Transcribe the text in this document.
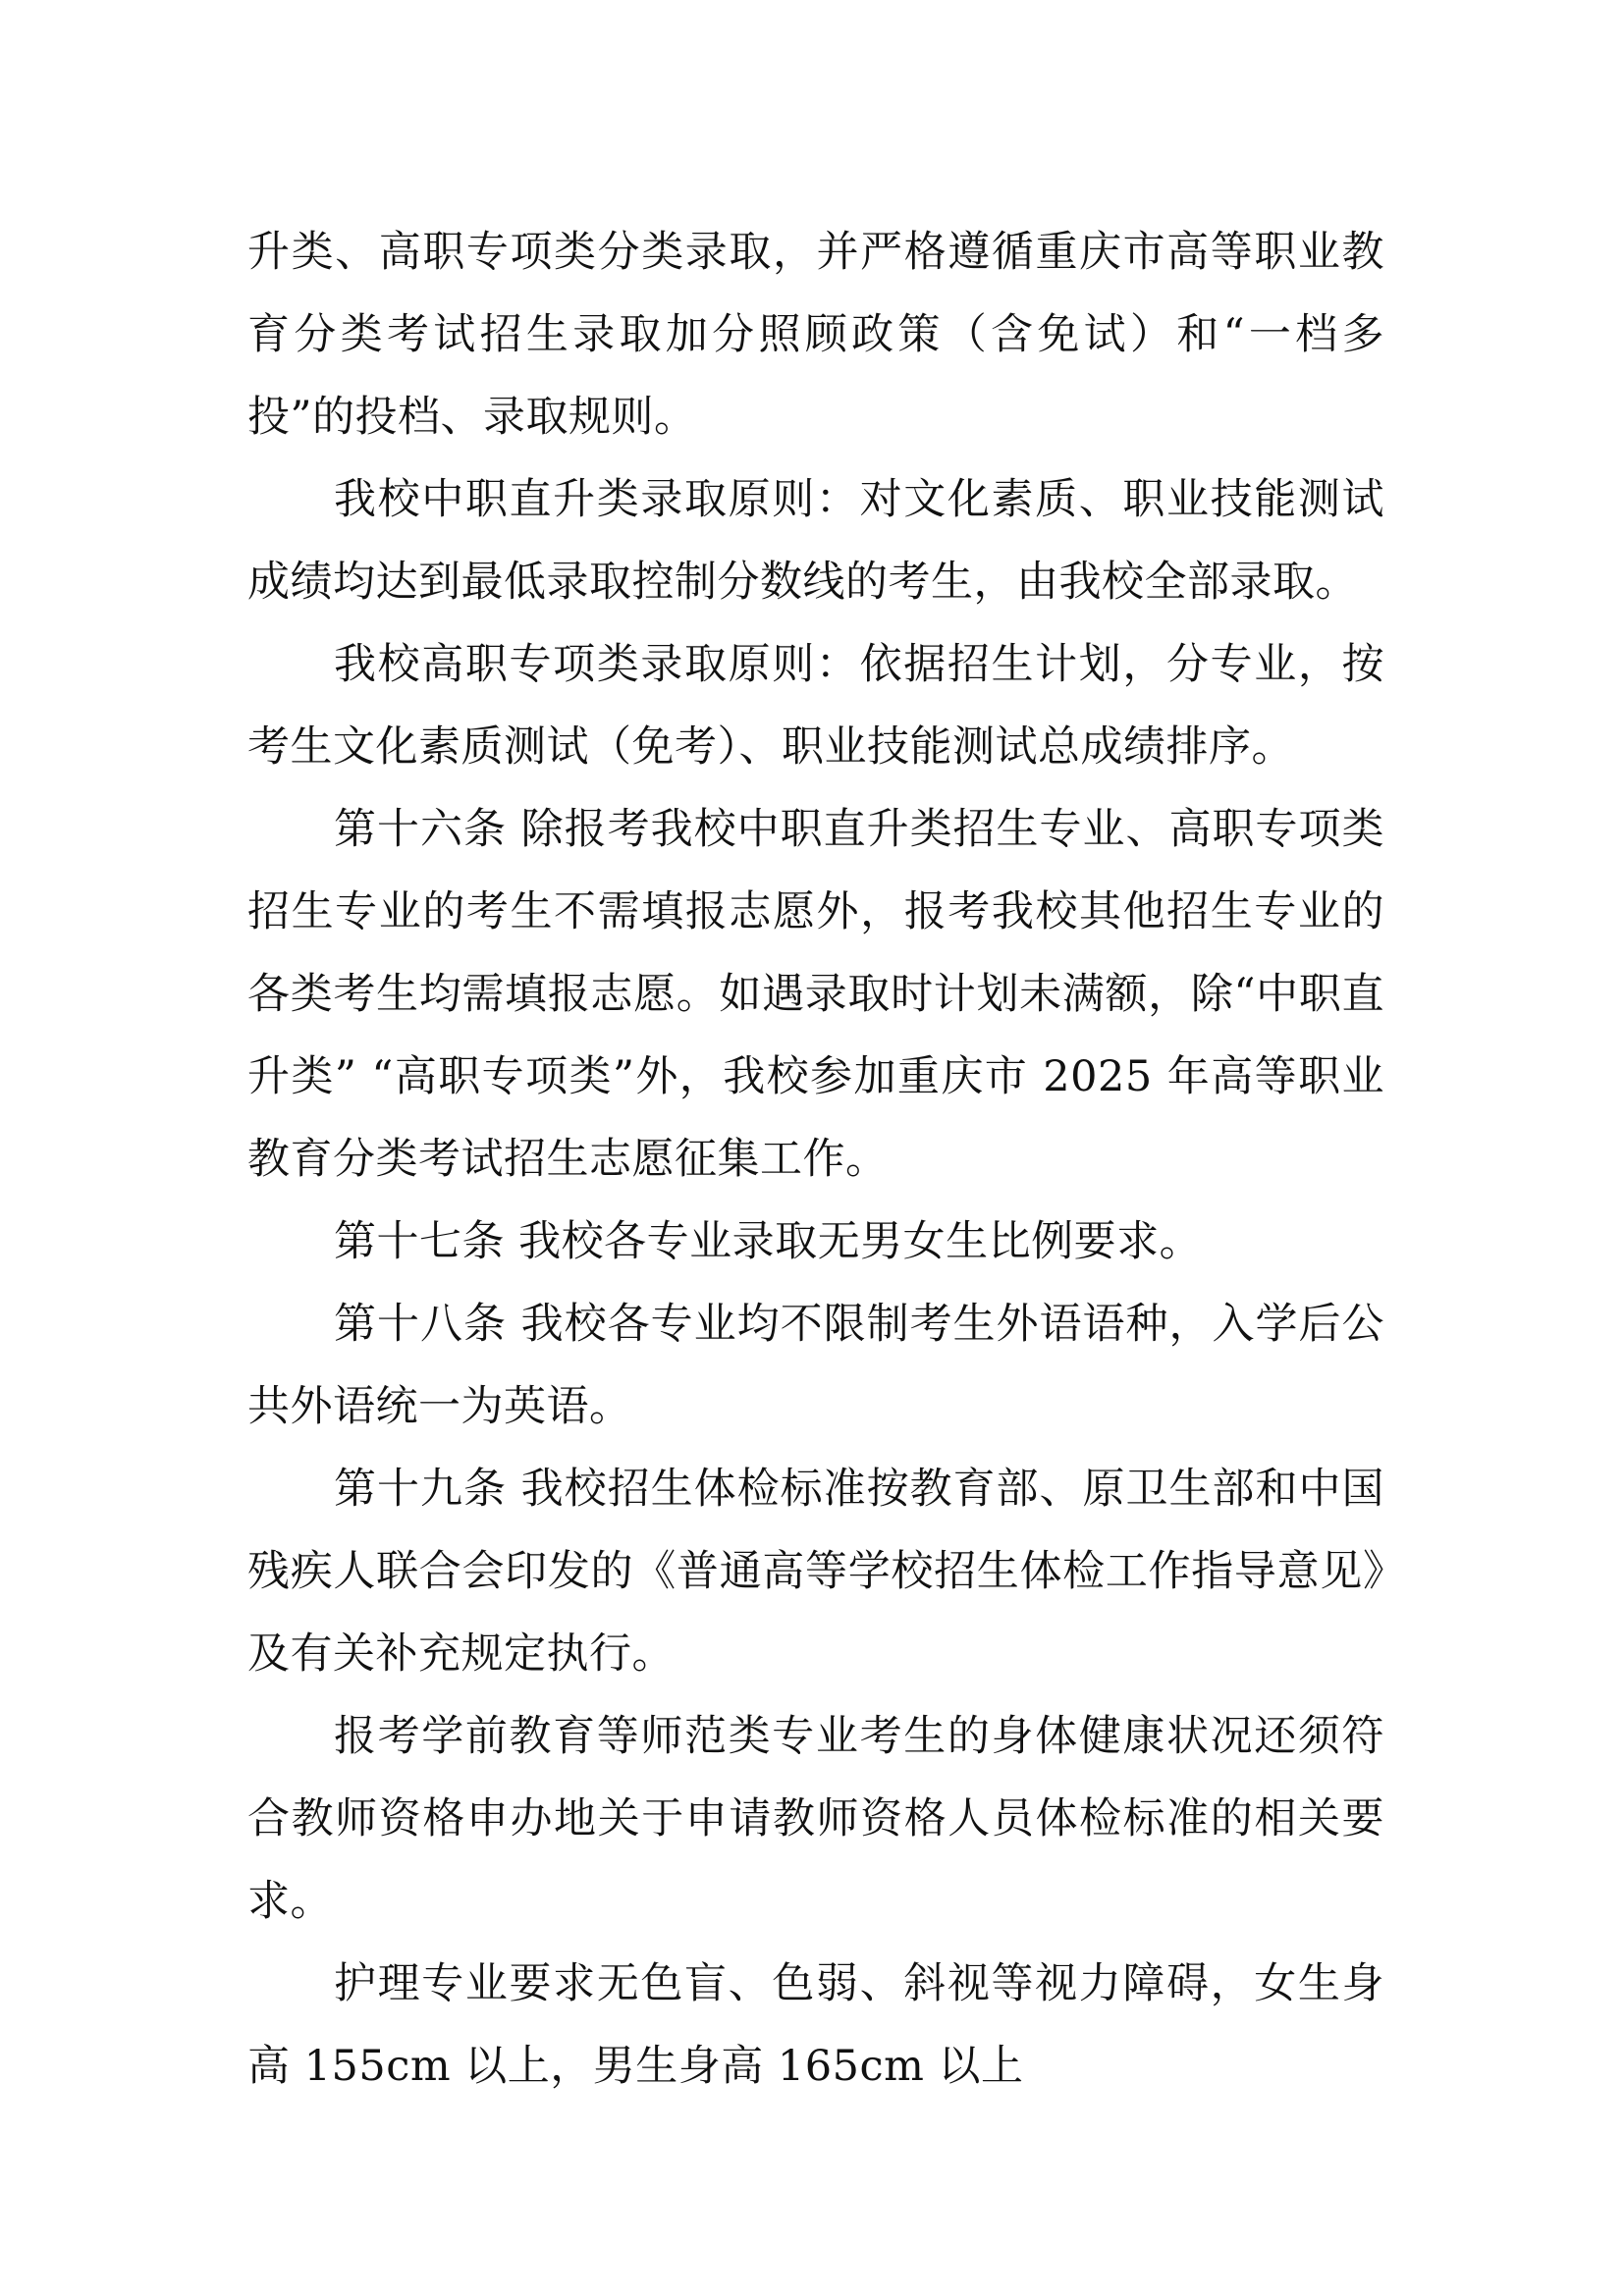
升类、高职专项类分类录取，并严格遵循重庆市高等职业教育分类考试招生录取加分照顾政策（含免试）和“一档多投”的投档、录取规则。

我校中职直升类录取原则：对文化素质、职业技能测试成绩均达到最低录取控制分数线的考生，由我校全部录取。

我校高职专项类录取原则：依据招生计划，分专业，按考生文化素质测试（免考）、职业技能测试总成绩排序。

第十六条 除报考我校中职直升类招生专业、高职专项类招生专业的考生不需填报志愿外，报考我校其他招生专业的各类考生均需填报志愿。如遇录取时计划未满额，除“中职直升类” “高职专项类”外，我校参加重庆市 2025 年高等职业教育分类考试招生志愿征集工作。

第十七条 我校各专业录取无男女生比例要求。

第十八条 我校各专业均不限制考生外语语种，入学后公共外语统一为英语。

第十九条 我校招生体检标准按教育部、原卫生部和中国残疾人联合会印发的《普通高等学校招生体检工作指导意见》及有关补充规定执行。

报考学前教育等师范类专业考生的身体健康状况还须符合教师资格申办地关于申请教师资格人员体检标准的相关要求。

护理专业要求无色盲、色弱、斜视等视力障碍，女生身高 155cm 以上，男生身高 165cm 以上
